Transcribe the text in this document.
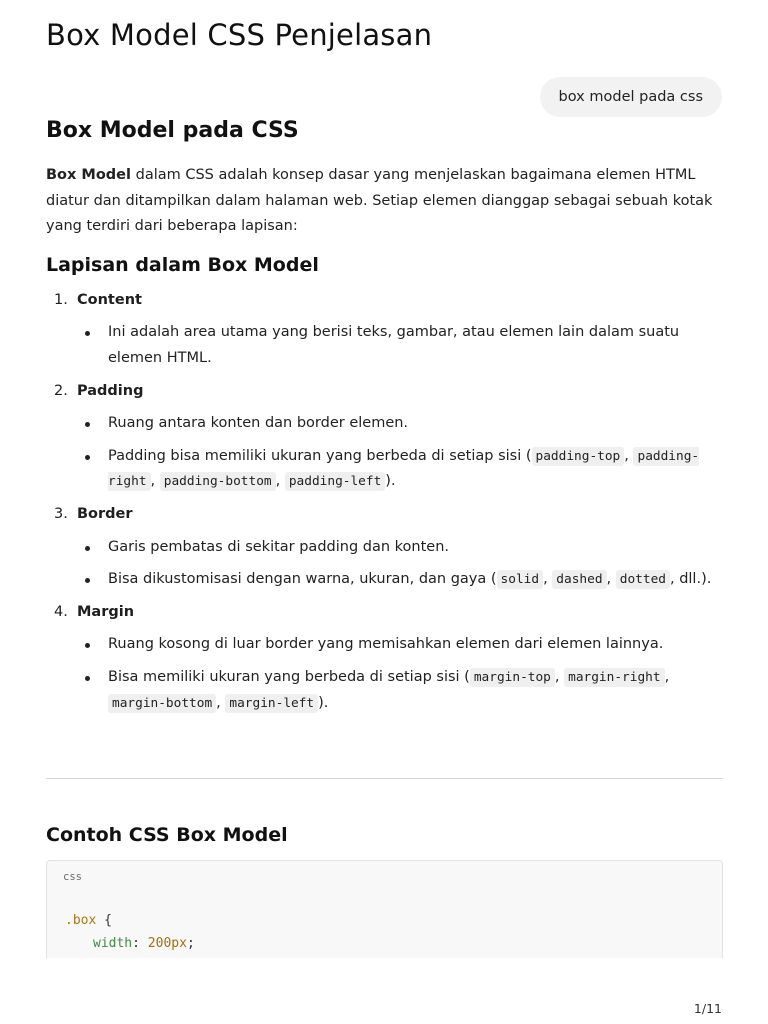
Box Model CSS Penjelasan
box model pada css
Box Model pada CSS

Box Model dalam CSS adalah konsep dasar yang menjelaskan bagaimana elemen HTML diatur dan ditampilkan dalam halaman web. Setiap elemen dianggap sebagai sebuah kotak yang terdiri dari beberapa lapisan:

Lapisan dalam Box Model
1. Content
Ini adalah area utama yang berisi teks, gambar, atau elemen lain dalam suatu elemen HTML.
2. Padding
Ruang antara konten dan border elemen.
Padding bisa memiliki ukuran yang berbeda di setiap sisi ( padding-top , padding-right , padding-bottom , padding-left ).
3. Border
Garis pembatas di sekitar padding dan konten.
Bisa dikustomisasi dengan warna, ukuran, dan gaya ( solid , dashed , dotted , dll.).
4. Margin
Ruang kosong di luar border yang memisahkan elemen dari elemen lainnya.
Bisa memiliki ukuran yang berbeda di setiap sisi ( margin-top , margin-right , margin-bottom , margin-left ).
Contoh CSS Box Model
css
.box {
width: 200px;
1/11
